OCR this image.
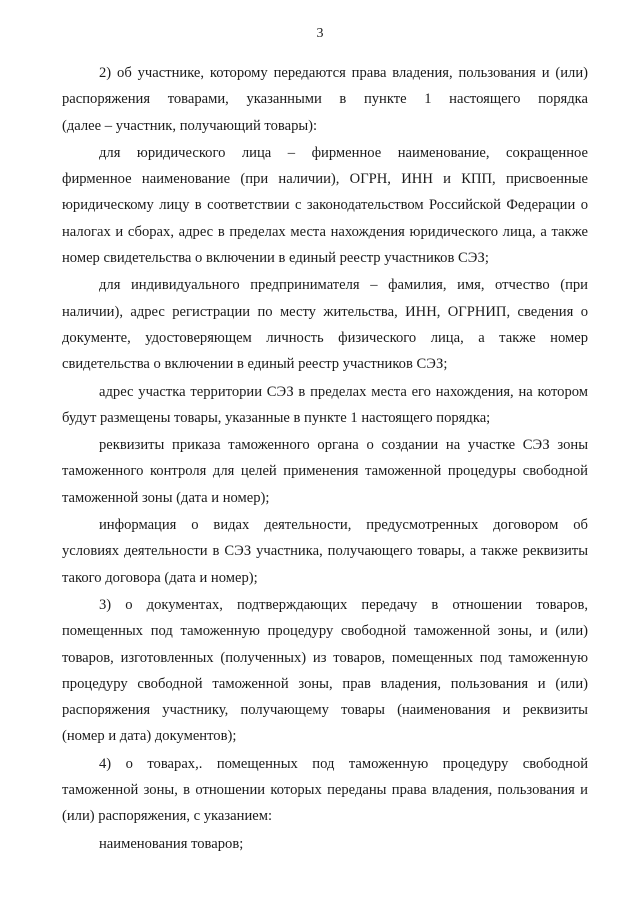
3
2) об участнике, которому передаются права владения, пользования и (или)
распоряжения товарами, указанными в пункте 1 настоящего порядка
(далее – участник, получающий товары):
для юридического лица – фирменное наименование, сокращенное
фирменное наименование (при наличии), ОГРН, ИНН и КПП, присвоенные
юридическому лицу в соответствии с законодательством Российской Федерации о
налогах и сборах, адрес в пределах места нахождения юридического лица, а также
номер свидетельства о включении в единый реестр участников СЭЗ;
для индивидуального предпринимателя – фамилия, имя, отчество (при
наличии), адрес регистрации по месту жительства, ИНН, ОГРНИП, сведения о
документе, удостоверяющем личность физического лица, а также номер
свидетельства о включении в единый реестр участников СЭЗ;
адрес участка территории СЭЗ в пределах места его нахождения, на котором
будут размещены товары, указанные в пункте 1 настоящего порядка;
реквизиты приказа таможенного органа о создании на участке СЭЗ зоны
таможенного контроля для целей применения таможенной процедуры свободной
таможенной зоны (дата и номер);
информация о видах деятельности, предусмотренных договором об
условиях деятельности в СЭЗ участника, получающего товары, а также реквизиты
такого договора (дата и номер);
3) о документах, подтверждающих передачу в отношении товаров,
помещенных под таможенную процедуру свободной таможенной зоны, и (или)
товаров, изготовленных (полученных) из товаров, помещенных под таможенную
процедуру свободной таможенной зоны, прав владения, пользования и (или)
распоряжения участнику, получающему товары (наименования и реквизиты
(номер и дата) документов);
4) о товарах,. помещенных под таможенную процедуру свободной
таможенной зоны, в отношении которых переданы права владения, пользования и
(или) распоряжения, с указанием:
наименования товаров;
